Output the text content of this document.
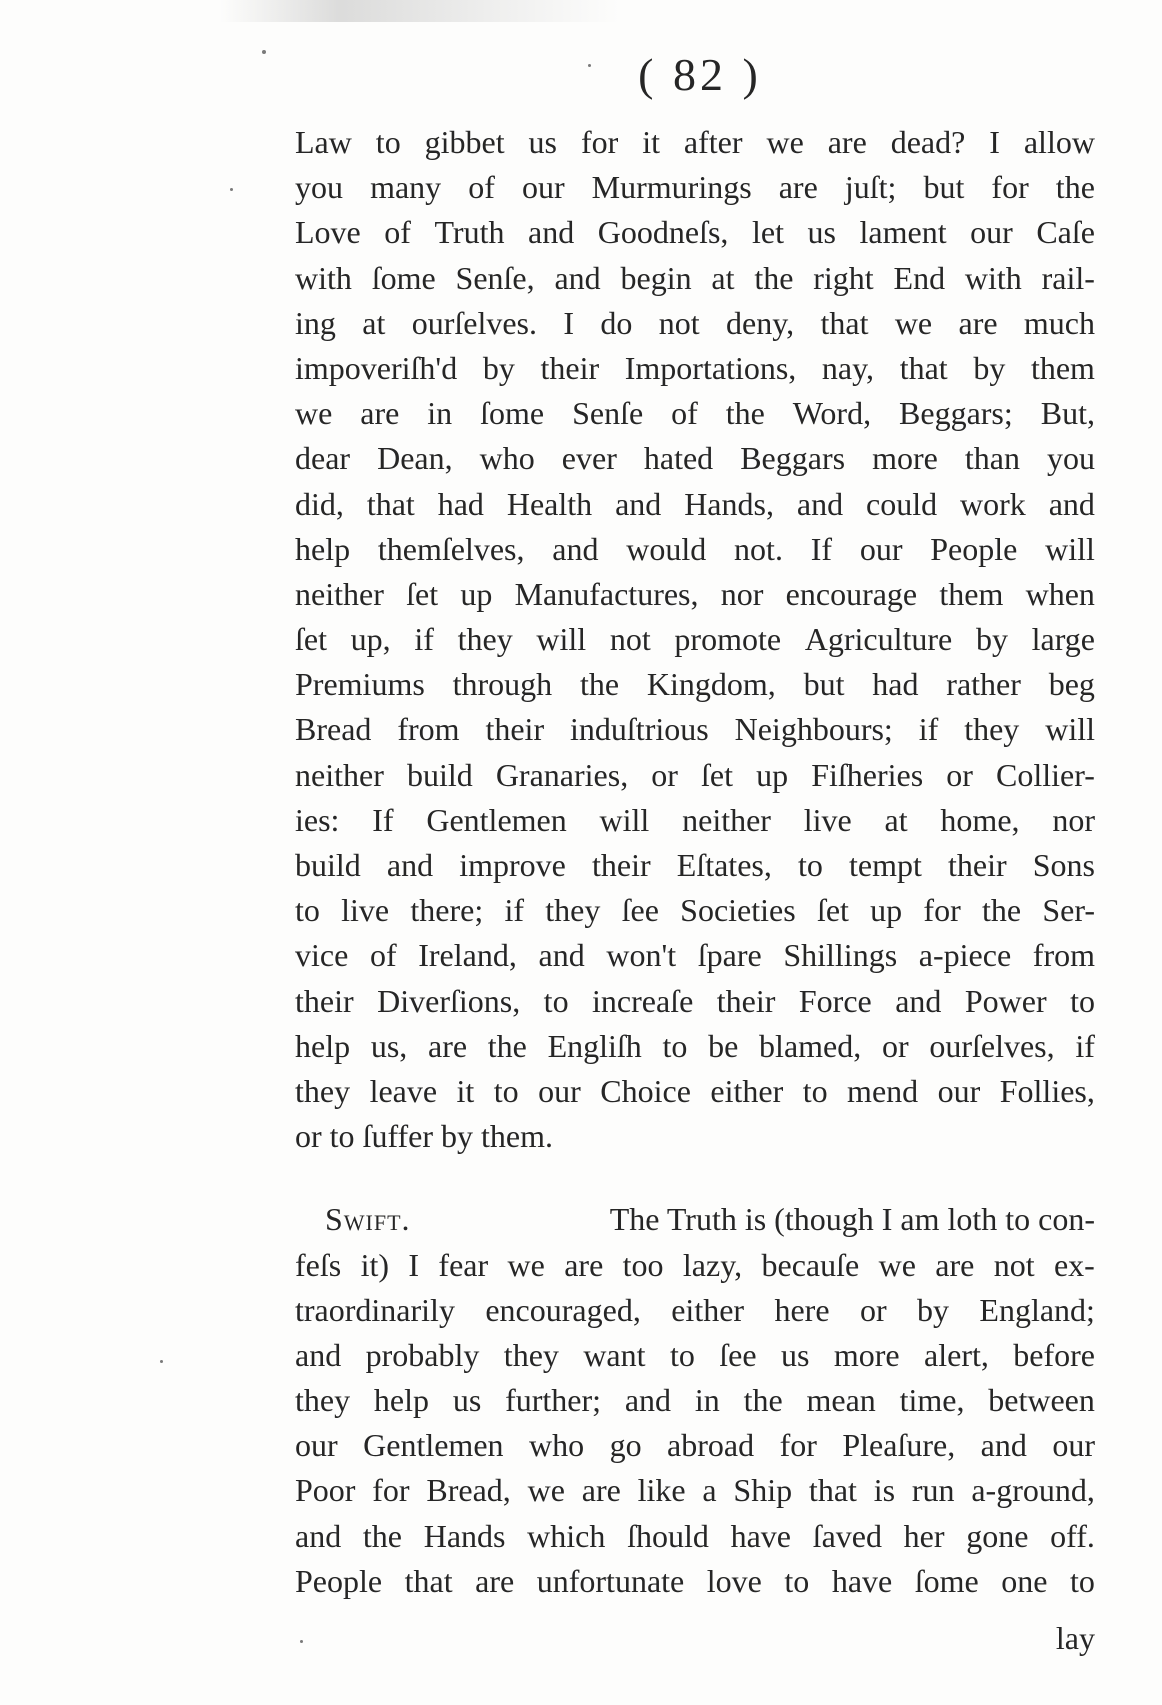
( 82 )
Law to gibbet us for it after we are dead? I allow
you many of our Murmurings are juſt; but for the
Love of Truth and Goodneſs, let us lament our Caſe
with ſome Senſe, and begin at the right End with rail-
ing at ourſelves. I do not deny, that we are much
impoveriſh'd by their Importations, nay, that by them
we are in ſome Senſe of the Word, Beggars; But,
dear Dean, who ever hated Beggars more than you
did, that had Health and Hands, and could work and
help themſelves, and would not. If our People will
neither ſet up Manufactures, nor encourage them when
ſet up, if they will not promote Agriculture by large
Premiums through the Kingdom, but had rather beg
Bread from their induſtrious Neighbours; if they will
neither build Granaries, or ſet up Fiſheries or Collier-
ies: If Gentlemen will neither live at home, nor
build and improve their Eſtates, to tempt their Sons
to live there; if they ſee Societies ſet up for the Ser-
vice of Ireland, and won't ſpare Shillings a-piece from
their Diverſions, to increaſe their Force and Power to
help us, are the Engliſh to be blamed, or ourſelves, if
they leave it to our Choice either to mend our Follies,
or to ſuffer by them.
Swift.	The Truth is (though I am loth to con-
feſs it) I fear we are too lazy, becauſe we are not ex-
traordinarily encouraged, either here or by England;
and probably they want to ſee us more alert, before
they help us further; and in the mean time, between
our Gentlemen who go abroad for Pleaſure, and our
Poor for Bread, we are like a Ship that is run a-ground,
and the Hands which ſhould have ſaved her gone off.
People that are unfortunate love to have ſome one to
lay
